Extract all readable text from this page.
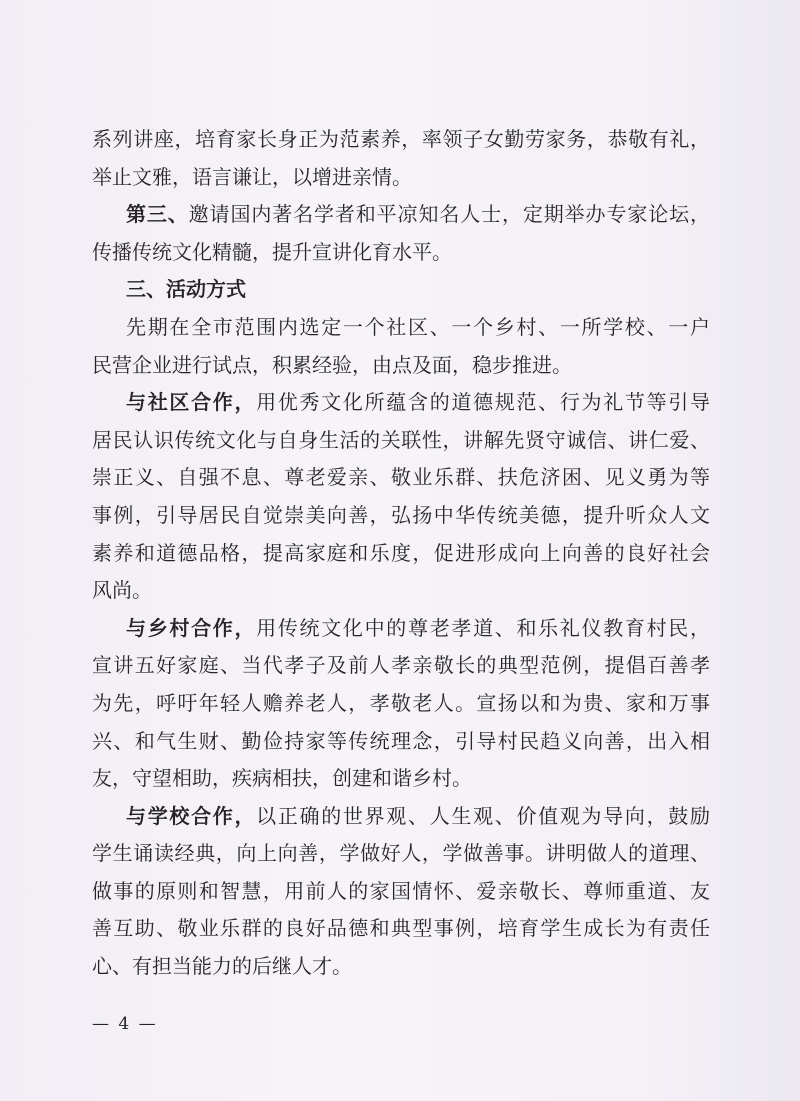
系列讲座，培育家长身正为范素养，率领子女勤劳家务，恭敬有礼，
举止文雅，语言谦让，以增进亲情。
第三、邀请国内著名学者和平凉知名人士，定期举办专家论坛，
传播传统文化精髓，提升宣讲化育水平。
三、活动方式
先期在全市范围内选定一个社区、一个乡村、一所学校、一户
民营企业进行试点，积累经验，由点及面，稳步推进。
与社区合作，用优秀文化所蕴含的道德规范、行为礼节等引导
居民认识传统文化与自身生活的关联性，讲解先贤守诚信、讲仁爱、
崇正义、自强不息、尊老爱亲、敬业乐群、扶危济困、见义勇为等
事例，引导居民自觉崇美向善，弘扬中华传统美德，提升听众人文
素养和道德品格，提高家庭和乐度，促进形成向上向善的良好社会
风尚。
与乡村合作，用传统文化中的尊老孝道、和乐礼仪教育村民，
宣讲五好家庭、当代孝子及前人孝亲敬长的典型范例，提倡百善孝
为先，呼吁年轻人赡养老人，孝敬老人。宣扬以和为贵、家和万事
兴、和气生财、勤俭持家等传统理念，引导村民趋义向善，出入相
友，守望相助，疾病相扶，创建和谐乡村。
与学校合作，以正确的世界观、人生观、价值观为导向，鼓励
学生诵读经典，向上向善，学做好人，学做善事。讲明做人的道理、
做事的原则和智慧，用前人的家国情怀、爱亲敬长、尊师重道、友
善互助、敬业乐群的良好品德和典型事例，培育学生成长为有责任
心、有担当能力的后继人才。
— 4 —
